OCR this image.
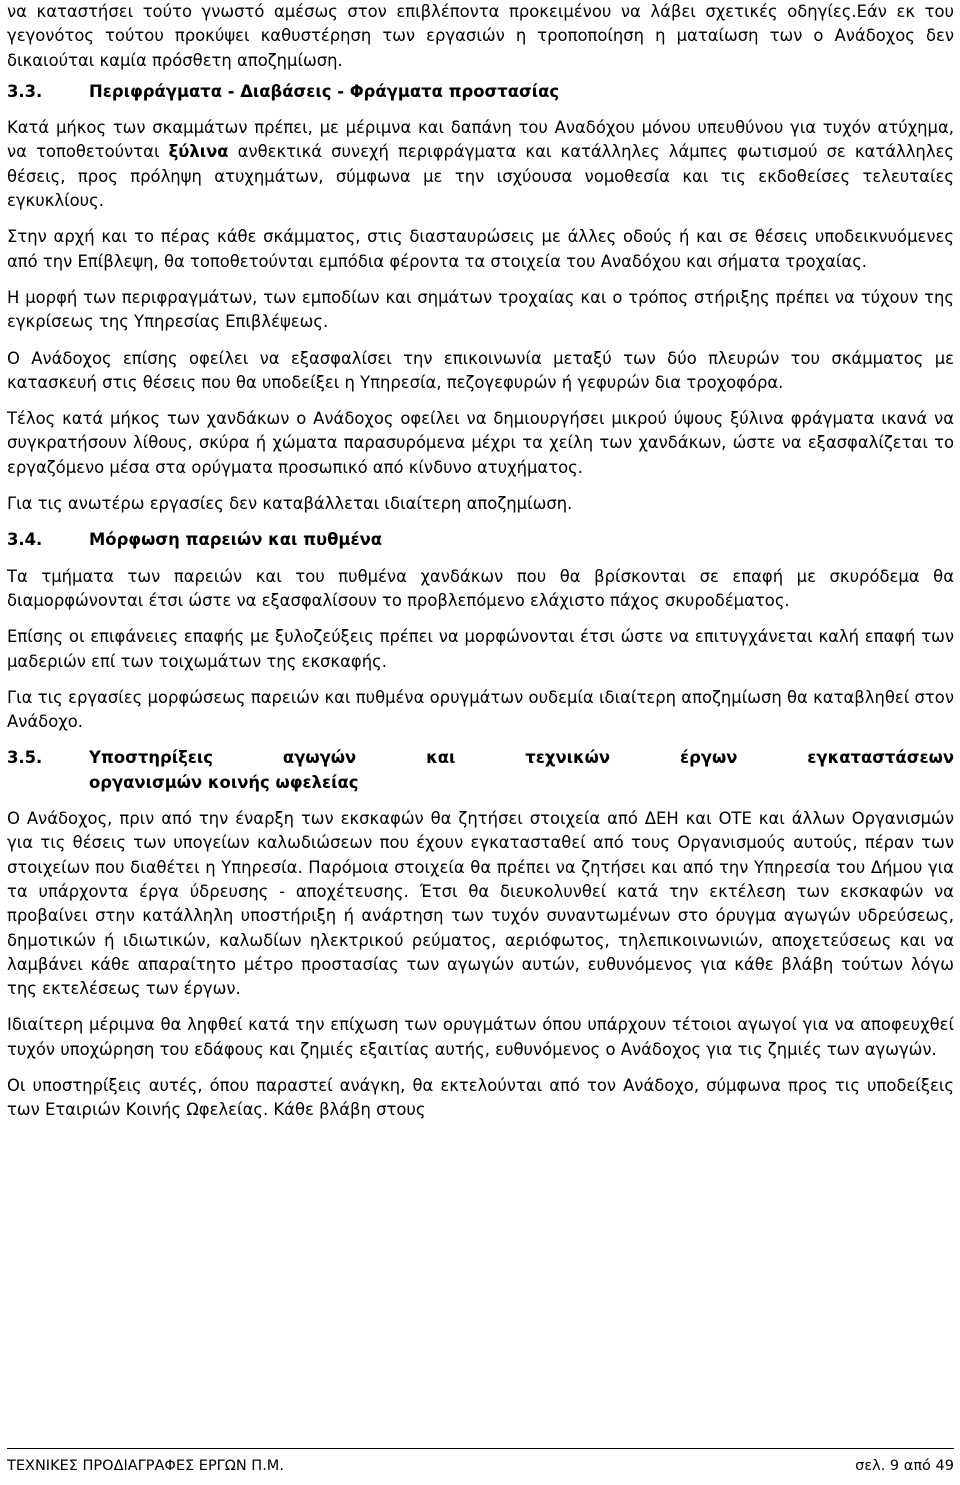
να καταστήσει τούτο γνωστό αμέσως στον επιβλέποντα προκειμένου να λάβει σχετικές οδηγίες.Εάν εκ του γεγονότος τούτου προκύψει καθυστέρηση των εργασιών η τροποποίηση η ματαίωση των ο Ανάδοχος δεν δικαιούται καμία πρόσθετη αποζημίωση.

3.3.	Περιφράγματα - Διαβάσεις - Φράγματα προστασίας

Κατά μήκος των σκαμμάτων πρέπει, με μέριμνα και δαπάνη του Αναδόχου μόνου υπευθύνου για τυχόν ατύχημα, να τοποθετούνται ξύλινα ανθεκτικά συνεχή περιφράγματα και κατάλληλες λάμπες φωτισμού σε κατάλληλες θέσεις, προς πρόληψη ατυχημάτων, σύμφωνα με την ισχύουσα νομοθεσία και τις εκδοθείσες τελευταίες εγκυκλίους.

Στην αρχή και το πέρας κάθε σκάμματος, στις διασταυρώσεις με άλλες οδούς ή και σε θέσεις υποδεικνυόμενες από την Επίβλεψη, θα τοποθετούνται εμπόδια φέροντα τα στοιχεία του Αναδόχου και σήματα τροχαίας.

Η μορφή των περιφραγμάτων, των εμποδίων και σημάτων τροχαίας και ο τρόπος στήριξης πρέπει να τύχουν της εγκρίσεως της Υπηρεσίας Επιβλέψεως.

Ο Ανάδοχος επίσης οφείλει να εξασφαλίσει την επικοινωνία μεταξύ των δύο πλευρών του σκάμματος με κατασκευή στις θέσεις που θα υποδείξει η Υπηρεσία, πεζογεφυρών ή γεφυρών δια τροχοφόρα.

Τέλος κατά μήκος των χανδάκων ο Ανάδοχος οφείλει να δημιουργήσει μικρού ύψους ξύλινα φράγματα ικανά να συγκρατήσουν λίθους, σκύρα ή χώματα παρασυρόμενα μέχρι τα χείλη των χανδάκων, ώστε να εξασφαλίζεται το εργαζόμενο μέσα στα ορύγματα προσωπικό από κίνδυνο ατυχήματος.

Για τις ανωτέρω εργασίες δεν καταβάλλεται ιδιαίτερη αποζημίωση.

3.4.	Μόρφωση παρειών και πυθμένα

Τα τμήματα των παρειών και του πυθμένα χανδάκων που θα βρίσκονται σε επαφή με σκυρόδεμα θα διαμορφώνονται έτσι ώστε να εξασφαλίσουν το προβλεπόμενο ελάχιστο πάχος σκυροδέματος.

Επίσης οι επιφάνειες επαφής με ξυλοζεύξεις πρέπει να μορφώνονται έτσι ώστε να επιτυγχάνεται καλή επαφή των μαδεριών επί των τοιχωμάτων της εκσκαφής.

Για τις εργασίες μορφώσεως παρειών και πυθμένα ορυγμάτων ουδεμία ιδιαίτερη αποζημίωση θα καταβληθεί στον Ανάδοχο.

3.5.	Υποστηρίξεις αγωγών και τεχνικών έργων εγκαταστάσεων
οργανισμών κοινής ωφελείας

Ο Ανάδοχος, πριν από την έναρξη των εκσκαφών θα ζητήσει στοιχεία από ΔΕΗ και ΟΤΕ και άλλων Οργανισμών για τις θέσεις των υπογείων καλωδιώσεων που έχουν εγκατασταθεί από τους Οργανισμούς αυτούς, πέραν των στοιχείων που διαθέτει η Υπηρεσία. Παρόμοια στοιχεία θα πρέπει να ζητήσει και από την Υπηρεσία του Δήμου για τα υπάρχοντα έργα ύδρευσης - αποχέτευσης. Έτσι θα διευκολυνθεί κατά την εκτέλεση των εκσκαφών να προβαίνει στην κατάλληλη υποστήριξη ή ανάρτηση των τυχόν συναντωμένων στο όρυγμα αγωγών υδρεύσεως, δημοτικών ή ιδιωτικών, καλωδίων ηλεκτρικού ρεύματος, αεριόφωτος, τηλεπικοινωνιών, αποχετεύσεως και να λαμβάνει κάθε απαραίτητο μέτρο προστασίας των αγωγών αυτών, ευθυνόμενος για κάθε βλάβη τούτων λόγω της εκτελέσεως των έργων.

Ιδιαίτερη μέριμνα θα ληφθεί κατά την επίχωση των ορυγμάτων όπου υπάρχουν τέτοιοι αγωγοί για να αποφευχθεί τυχόν υποχώρηση του εδάφους και ζημιές εξαιτίας αυτής, ευθυνόμενος ο Ανάδοχος για τις ζημιές των αγωγών.

Οι υποστηρίξεις αυτές, όπου παραστεί ανάγκη, θα εκτελούνται από τον Ανάδοχο, σύμφωνα προς τις υποδείξεις των Εταιριών Κοινής Ωφελείας. Κάθε βλάβη στους

ΤΕΧΝΙΚΕΣ ΠΡΟΔΙΑΓΡΑΦΕΣ ΕΡΓΩΝ Π.Μ.	σελ. 9 από 49
